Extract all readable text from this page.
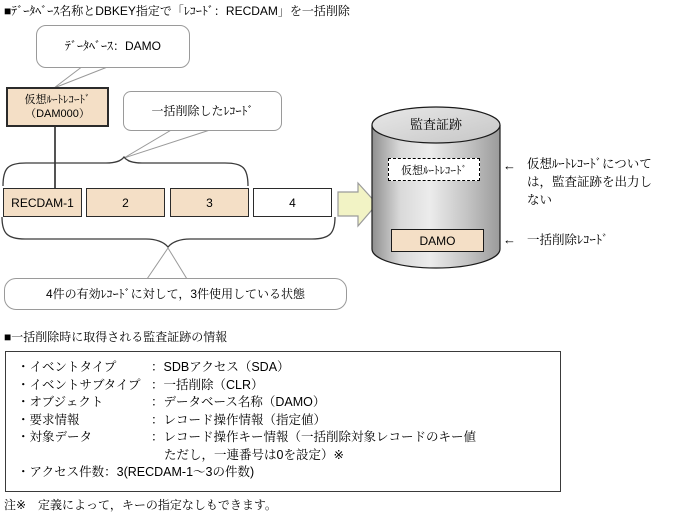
■ﾃﾞｰﾀﾍﾞｰｽ名称とDBKEY指定で「ﾚｺｰﾄﾞ：RECDAM」を一括削除
ﾃﾞｰﾀﾍﾞｰｽ：DAMO
仮想ﾙｰﾄﾚｺｰﾄﾞ
（DAM000）	一括削除したﾚｺｰﾄﾞ
RECDAM-1	2	3	4
4件の有効ﾚｺｰﾄﾞに対して，3件使用している状態
監査証跡
仮想ﾙｰﾄﾚｺｰﾄﾞ
DAMO
← 仮想ﾙｰﾄﾚｺｰﾄﾞについて
は，監査証跡を出力し
ない
← 一括削除ﾚｺｰﾄﾞ
■一括削除時に取得される監査証跡の情報
・イベントタイプ	：SDBアクセス（SDA）
・イベントサブタイプ ：一括削除（CLR）
・オブジェクト	：データベース名称（DAMO）
・要求情報	：レコード操作情報（指定値）
・対象データ	：レコード操作キー情報（一括削除対象レコードのキー値
ただし，一連番号は0を設定）※
・アクセス件数：3(RECDAM-1～3の件数)
注※　定義によって，キーの指定なしもできます。
